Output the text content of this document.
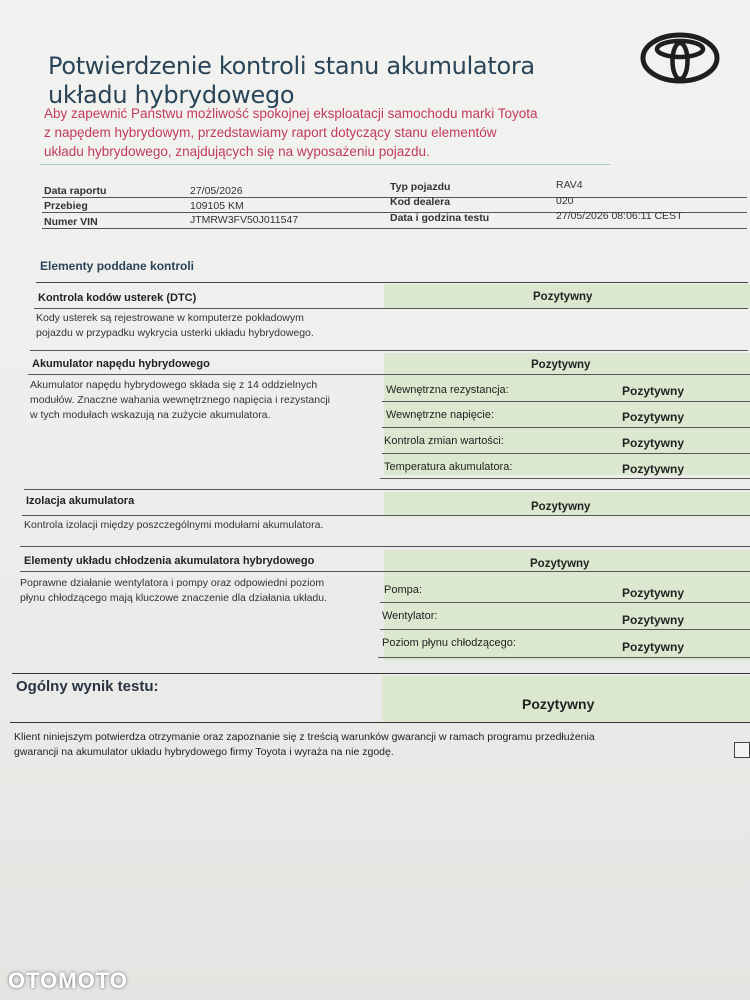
Potwierdzenie kontroli stanu akumulatora
układu hybrydowego

Aby zapewnić Państwu możliwość spokojnej eksploatacji samochodu marki Toyota
z napędem hybrydowym, przedstawiamy raport dotyczący stanu elementów
układu hybrydowego, znajdujących się na wyposażeniu pojazdu.

Data raportu	27/05/2026	Typ pojazdu	RAV4
Przebieg	109105 KM	Kod dealera	020
Numer VIN	JTMRW3FV50J011547	Data i godzina testu	27/05/2026 08:06:11 CEST
Elementy poddane kontroli
Kontrola kodów usterek (DTC)	Pozytywny
Kody usterek są rejestrowane w komputerze pokładowym
pojazdu w przypadku wykrycia usterki układu hybrydowego.
Akumulator napędu hybrydowego	Pozytywny
Akumulator napędu hybrydowego składa się z 14 oddzielnych
modułów. Znaczne wahania wewnętrznego napięcia i rezystancji
w tych modułach wskazują na zużycie akumulatora.
Wewnętrzna rezystancja:	Pozytywny
Wewnętrzne napięcie:	Pozytywny
Kontrola zmian wartości:	Pozytywny
Temperatura akumulatora:	Pozytywny
Izolacja akumulatora	Pozytywny
Kontrola izolacji między poszczególnymi modułami akumulatora.
Elementy układu chłodzenia akumulatora hybrydowego	Pozytywny
Poprawne działanie wentylatora i pompy oraz odpowiedni poziom
płynu chłodzącego mają kluczowe znaczenie dla działania układu.
Pompa:	Pozytywny
Wentylator:	Pozytywny
Poziom płynu chłodzącego:	Pozytywny
Ogólny wynik testu:
Pozytywny

Klient niniejszym potwierdza otrzymanie oraz zapoznanie się z treścią warunków gwarancji w ramach programu przedłużenia
gwarancji na akumulator układu hybrydowego firmy Toyota i wyraża na nie zgodę.

OTOMOTO
